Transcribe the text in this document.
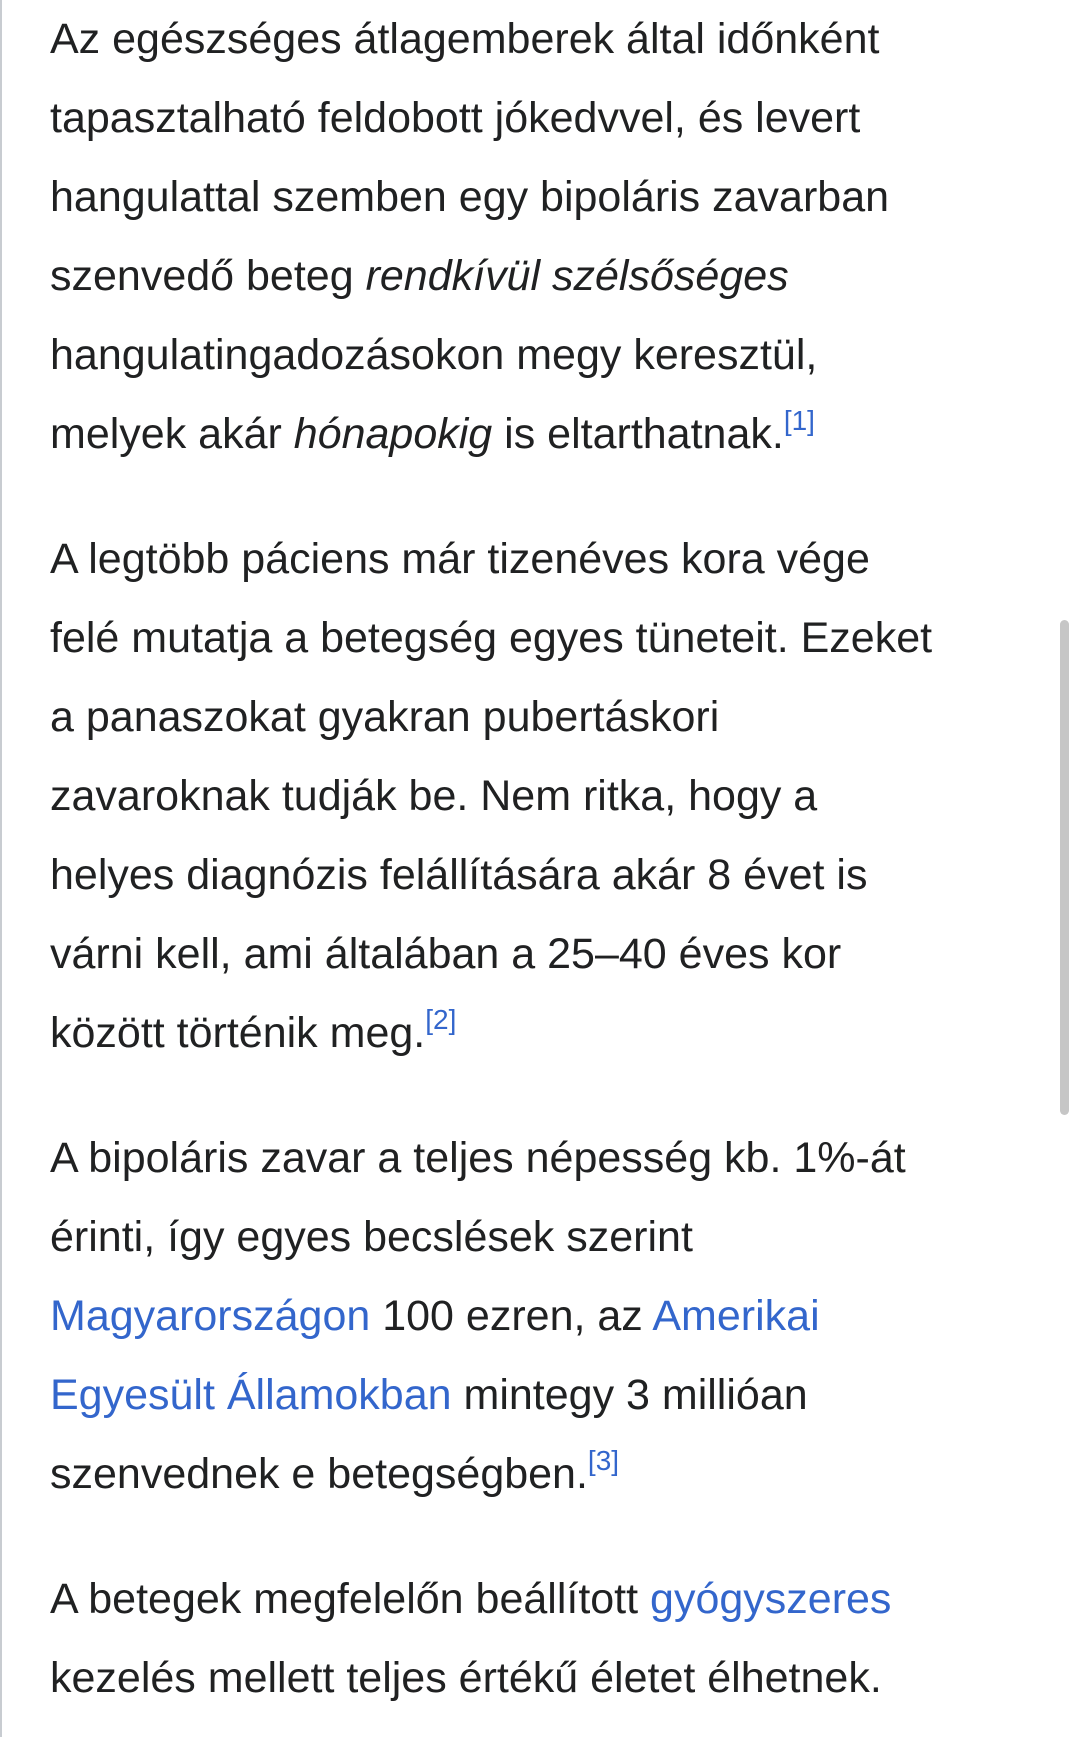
Az egészséges átlagemberek által időnként
tapasztalható feldobott jókedvvel, és levert
hangulattal szemben egy bipoláris zavarban
szenvedő beteg rendkívül szélsőséges
hangulatingadozásokon megy keresztül,
melyek akár hónapokig is eltarthatnak.[1]

A legtöbb páciens már tizenéves kora vége
felé mutatja a betegség egyes tüneteit. Ezeket
a panaszokat gyakran pubertáskori
zavaroknak tudják be. Nem ritka, hogy a
helyes diagnózis felállítására akár 8 évet is
várni kell, ami általában a 25–40 éves kor
között történik meg.[2]

A bipoláris zavar a teljes népesség kb. 1%-át
érinti, így egyes becslések szerint
Magyarországon 100 ezren, az Amerikai
Egyesült Államokban mintegy 3 millióan
szenvednek e betegségben.[3]

A betegek megfelelőn beállított gyógyszeres
kezelés mellett teljes értékű életet élhetnek.
